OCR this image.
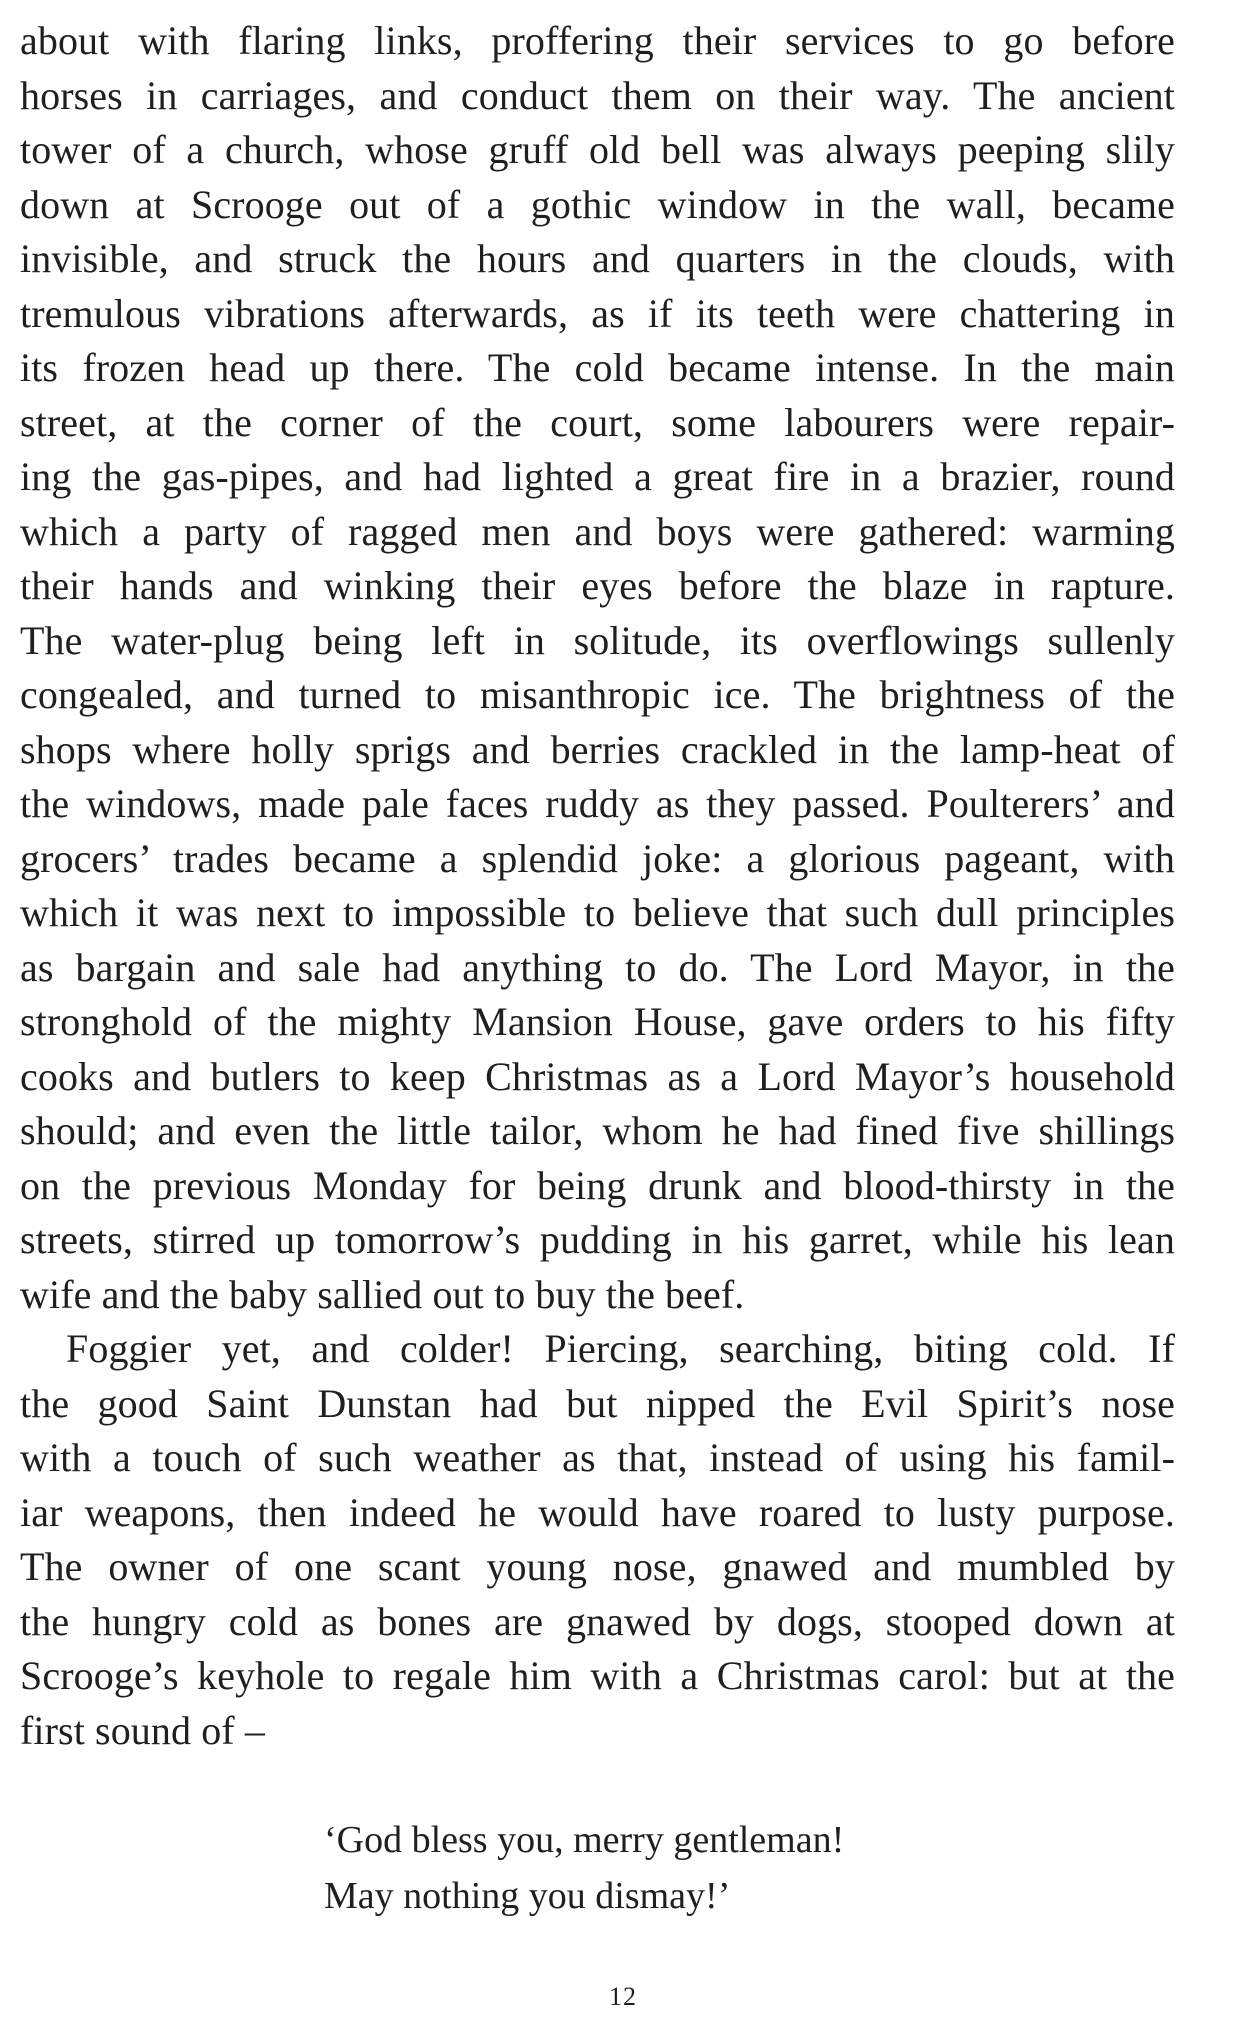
about with flaring links, proffering their services to go before
horses in carriages, and conduct them on their way. The ancient
tower of a church, whose gruff old bell was always peeping slily
down at Scrooge out of a gothic window in the wall, became
invisible, and struck the hours and quarters in the clouds, with
tremulous vibrations afterwards, as if its teeth were chattering in
its frozen head up there. The cold became intense. In the main
street, at the corner of the court, some labourers were repair-
ing the gas-pipes, and had lighted a great fire in a brazier, round
which a party of ragged men and boys were gathered: warming
their hands and winking their eyes before the blaze in rapture.
The water-plug being left in solitude, its overflowings sullenly
congealed, and turned to misanthropic ice. The brightness of the
shops where holly sprigs and berries crackled in the lamp-heat of
the windows, made pale faces ruddy as they passed. Poulterers’ and
grocers’ trades became a splendid joke: a glorious pageant, with
which it was next to impossible to believe that such dull principles
as bargain and sale had anything to do. The Lord Mayor, in the
stronghold of the mighty Mansion House, gave orders to his fifty
cooks and butlers to keep Christmas as a Lord Mayor’s household
should; and even the little tailor, whom he had fined five shillings
on the previous Monday for being drunk and blood-thirsty in the
streets, stirred up tomorrow’s pudding in his garret, while his lean
wife and the baby sallied out to buy the beef.
Foggier yet, and colder! Piercing, searching, biting cold. If
the good Saint Dunstan had but nipped the Evil Spirit’s nose
with a touch of such weather as that, instead of using his famil-
iar weapons, then indeed he would have roared to lusty purpose.
The owner of one scant young nose, gnawed and mumbled by
the hungry cold as bones are gnawed by dogs, stooped down at
Scrooge’s keyhole to regale him with a Christmas carol: but at the
first sound of –
‘God bless you, merry gentleman!
May nothing you dismay!’
12
